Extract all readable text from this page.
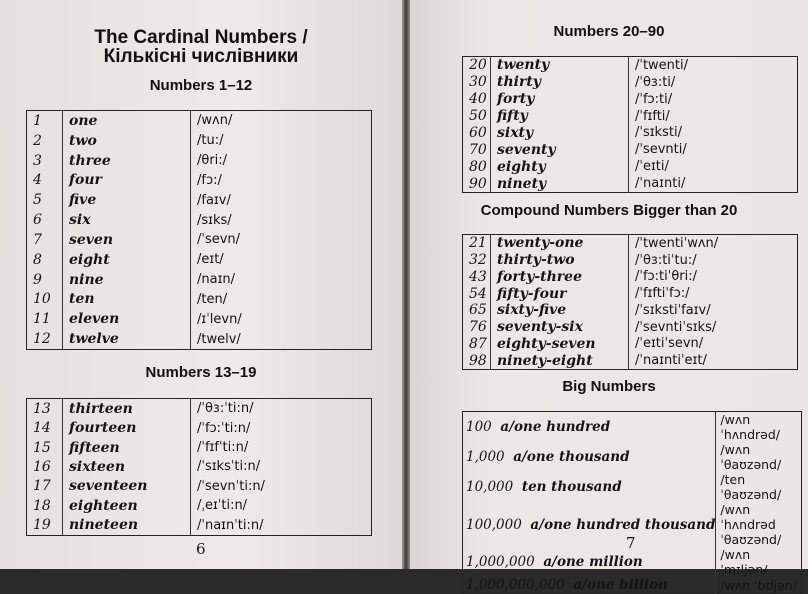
The Cardinal Numbers /
Кількісні числівники
Numbers 1–12
1	one	/wʌn/
2	two	/tu:/
3	three	/θri:/
4	four	/fɔ:/
5	five	/faɪv/
6	six	/sɪks/
7	seven	/ˈsevn/
8	eight	/eɪt/
9	nine	/naɪn/
10	ten	/ten/
11	eleven	/ɪˈlevn/
12	twelve	/twelv/
Numbers 13–19
13	thirteen	/ˈθɜ:ˈti:n/
14	fourteen	/ˈfɔ:ˈti:n/
15	fifteen	/ˈfɪfˈti:n/
16	sixteen	/ˈsɪksˈti:n/
17	seventeen	/ˈsevnˈti:n/
18	eighteen	/ˌeɪˈti:n/
19	nineteen	/ˈnaɪnˈti:n/
6
Numbers 20–90
20	twenty	/ˈtwenti/
30	thirty	/ˈθɜ:ti/
40	forty	/ˈfɔ:ti/
50	fifty	/ˈfɪfti/
60	sixty	/ˈsɪksti/
70	seventy	/ˈsevnti/
80	eighty	/ˈeɪti/
90	ninety	/ˈnaɪnti/
Compound Numbers Bigger than 20
21	twenty-one	/ˈtwentiˈwʌn/
32	thirty-two	/ˈθɜ:tiˈtu:/
43	forty-three	/ˈfɔ:tiˈθri:/
54	fifty-four	/ˈfɪftiˈfɔ:/
65	sixty-five	/ˈsɪkstiˈfaɪv/
76	seventy-six	/ˈsevntiˈsɪks/
87	eighty-seven	/ˈeɪtiˈsevn/
98	ninety-eight	/ˈnaɪntiˈeɪt/
Big Numbers
100 a/one hundred	/wʌn ˈhʌndrəd/
1,000 a/one thousand	/wʌn ˈθaʊzənd/
10,000 ten thousand	/ten ˈθaʊzənd/
100,000 a/one hundred thousand	/wʌn ˈhʌndrəd ˈθaʊzənd/
1,000,000 a/one million	/wʌn ˈmɪljən/
1,000,000,000 a/one billion	/wʌn ˈbɪljən/
7
